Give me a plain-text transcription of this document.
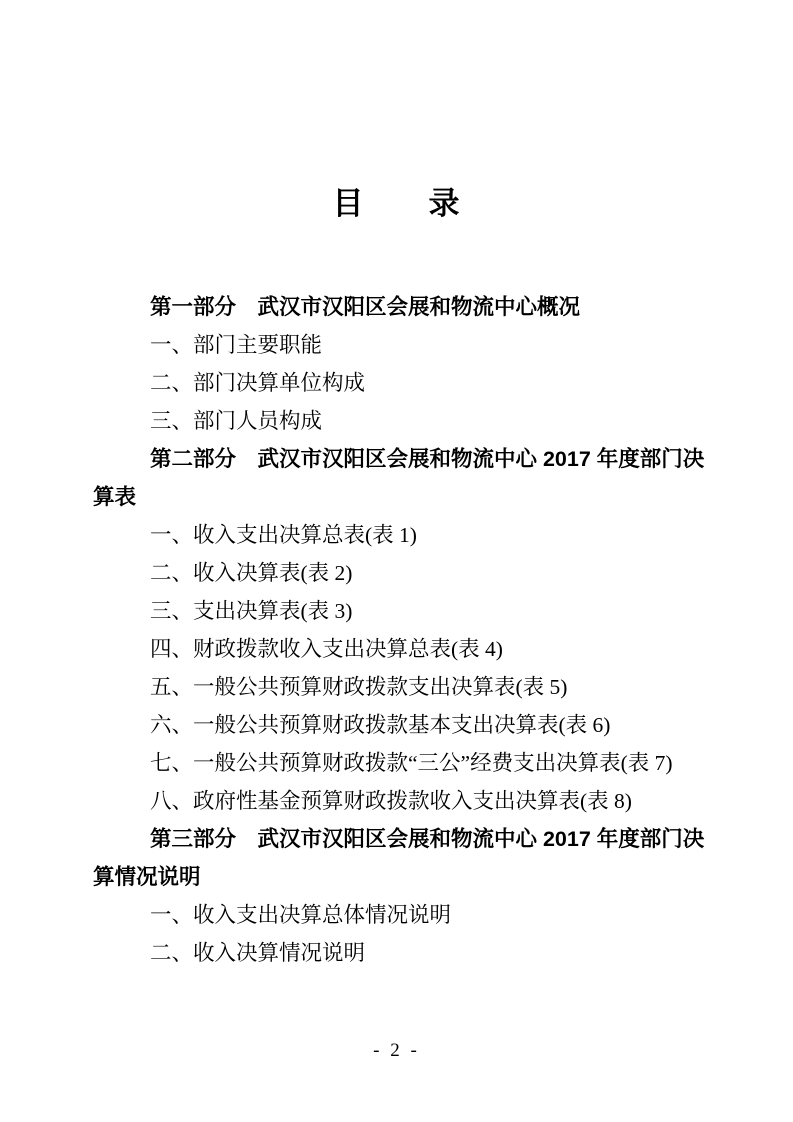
目　　录

第一部分　武汉市汉阳区会展和物流中心概况

一、部门主要职能

二、部门决算单位构成

三、部门人员构成

第二部分　武汉市汉阳区会展和物流中心 2017 年度部门决算表

一、收入支出决算总表(表 1)

二、收入决算表(表 2)

三、支出决算表(表 3)

四、财政拨款收入支出决算总表(表 4)

五、一般公共预算财政拨款支出决算表(表 5)

六、一般公共预算财政拨款基本支出决算表(表 6)

七、一般公共预算财政拨款“三公”经费支出决算表(表 7)

八、政府性基金预算财政拨款收入支出决算表(表 8)

第三部分　武汉市汉阳区会展和物流中心 2017 年度部门决算情况说明

一、收入支出决算总体情况说明

二、收入决算情况说明

- 2 -
